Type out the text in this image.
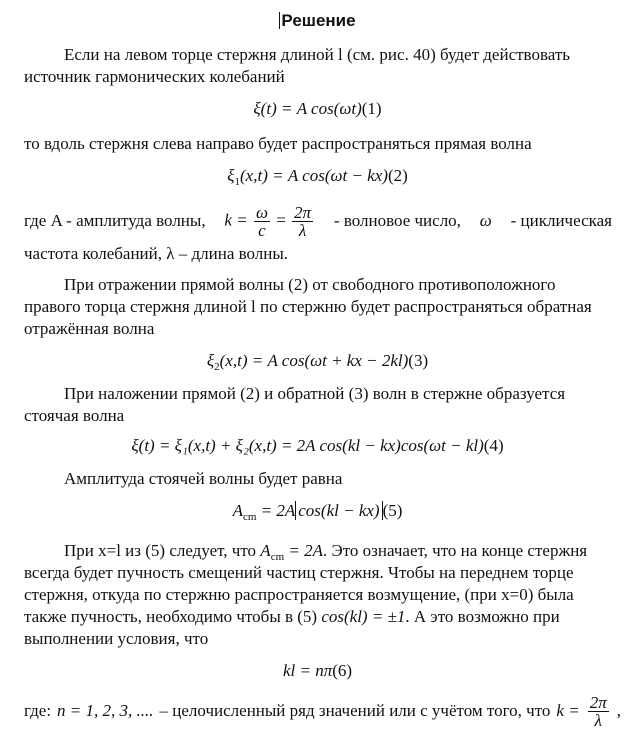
Решение
Если на левом торце стержня длиной l (см. рис. 40) будет действовать
источник гармонических колебаний
ξ(t) = A cos(ωt)(1)
то вдоль стержня слева направо будет распространяться прямая волна
$\xi_1(x,t) = A$ cos(ωt − kx)(2)
где A - амплитуда волны, $k = \frac{\omega}{c} = \frac{2\pi}{\lambda}$ - волновое число, ω - циклическая
частота колебаний, λ – длина волны.
При отражении прямой волны (2) от свободного противоположного
правого торца стержня длиной l по стержню будет распространяться обратная
отражённая волна
$\xi_2(x,t) = A$ cos(ωt + kx − 2kl)(3)
При наложении прямой (2) и обратной (3) волн в стержне образуется
стоячая волна
ξ(t) = ξ₁(x,t) + ξ₂(x,t) = 2A cos(kl − kx)cos(ωt − kl)(4)
Амплитуда стоячей волны будет равна
$A_{cm} = 2A$ cos(kl − kx) (5)
При x=l из (5) следует, что $A_{cm} = 2A$. Это означает, что на конце стержня
всегда будет пучность смещений частиц стержня. Чтобы на переднем торце
стержня, откуда по стержню распространяется возмущение, (при x=0) была
также пучность, необходимо чтобы в (5) cos(kl) = ±1. А это возможно при
выполнении условия, что
kl = nπ(6)
где: n = 1, 2, 3, .... – целочисленный ряд значений или с учётом того, что $k = \frac{2\pi}{\lambda}$ ,
